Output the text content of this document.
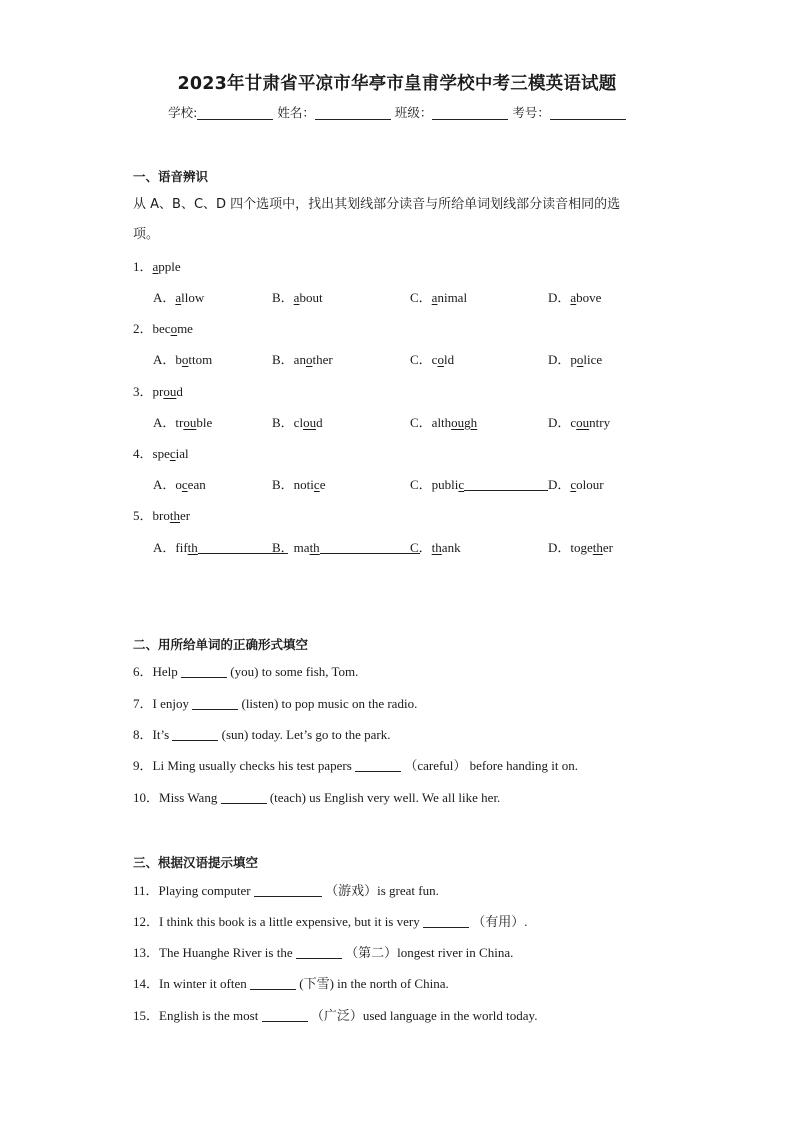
2023年甘肃省平凉市华亭市皇甫学校中考三模英语试题
学校:	姓名：	班级：	考号：
一、语音辨识
从 A、B、C、D 四个选项中，找出其划线部分读音与所给单词划线部分读音相同的选
项。
1．apple
A．allow	B．about	C．animal	D．above
2．become
A．bottom	B．another	C．cold	D．police
3．proud
A．trouble	B．cloud	C．although	D．country
4．special
A．ocean	B．notice	C．public	D．colour
5．brother
A．fifth	B．math	C．thank	D．together
二、用所给单词的正确形式填空
6．Help	(you) to some fish, Tom.
7．I enjoy	(listen) to pop music on the radio.
8．It’s	(sun) today. Let’s go to the park.
9．Li Ming usually checks his test papers	（careful） before handing it on.
10．Miss Wang	(teach) us English very well. We all like her.
三、根据汉语提示填空
11．Playing computer	（游戏）is great fun.
12．I think this book is a little expensive, but it is very	（有用）.
13．The Huanghe River is the	（第二）longest river in China.
14．In winter it often	(下雪) in the north of China.
15．English is the most	（广泛）used language in the world today.
